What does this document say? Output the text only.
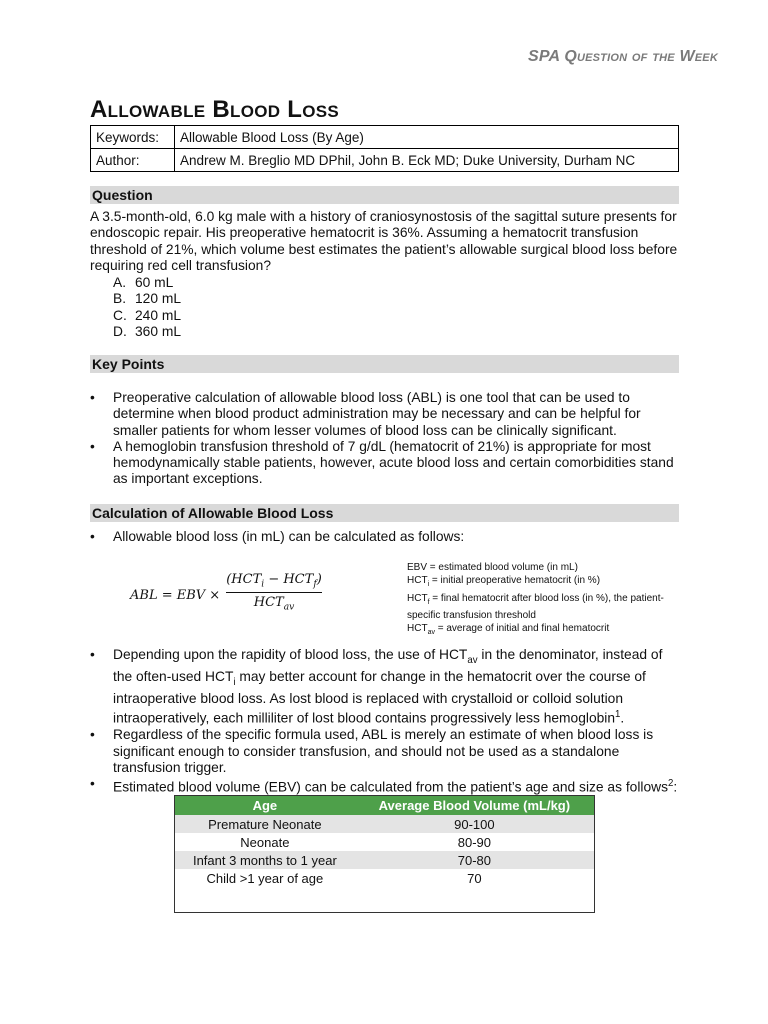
SPA Question of the Week
Allowable Blood Loss
Keywords:	Allowable Blood Loss (By Age)
Author:	Andrew M. Breglio MD DPhil, John B. Eck MD; Duke University, Durham NC
Question
A 3.5-month-old, 6.0 kg male with a history of craniosynostosis of the sagittal suture presents for endoscopic repair. His preoperative hematocrit is 36%. Assuming a hematocrit transfusion threshold of 21%, which volume best estimates the patient’s allowable surgical blood loss before requiring red cell transfusion?
A. 60 mL
B. 120 mL
C. 240 mL
D. 360 mL
Key Points
• Preoperative calculation of allowable blood loss (ABL) is one tool that can be used to determine when blood product administration may be necessary and can be helpful for smaller patients for whom lesser volumes of blood loss can be clinically significant.
• A hemoglobin transfusion threshold of 7 g/dL (hematocrit of 21%) is appropriate for most hemodynamically stable patients, however, acute blood loss and certain comorbidities stand as important exceptions.
Calculation of Allowable Blood Loss
• Allowable blood loss (in mL) can be calculated as follows:
ABL = EBV ×
$(HCT_i - HCT_f)$
$HCT_{av}$
EBV = estimated blood volume (in mL)
$HCT_i$ = initial preoperative hematocrit (in %)
$HCT_f$ = final hematocrit after blood loss (in %), the patient-specific transfusion threshold
$HCT_{av}$ = average of initial and final hematocrit
• Depending upon the rapidity of blood loss, the use of $HCT_{av}$ in the denominator, instead of the often-used $HCT_i$ may better account for change in the hematocrit over the course of intraoperative blood loss. As lost blood is replaced with crystalloid or colloid solution intraoperatively, each milliliter of lost blood contains progressively less hemoglobin$^1$.
• Regardless of the specific formula used, ABL is merely an estimate of when blood loss is significant enough to consider transfusion, and should not be used as a standalone transfusion trigger.
• Estimated blood volume (EBV) can be calculated from the patient’s age and size as follows$^2$:
Age	Average Blood Volume (mL/kg)
Premature Neonate	90-100
Neonate	80-90
Infant 3 months to 1 year	70-80
Child >1 year of age	70
